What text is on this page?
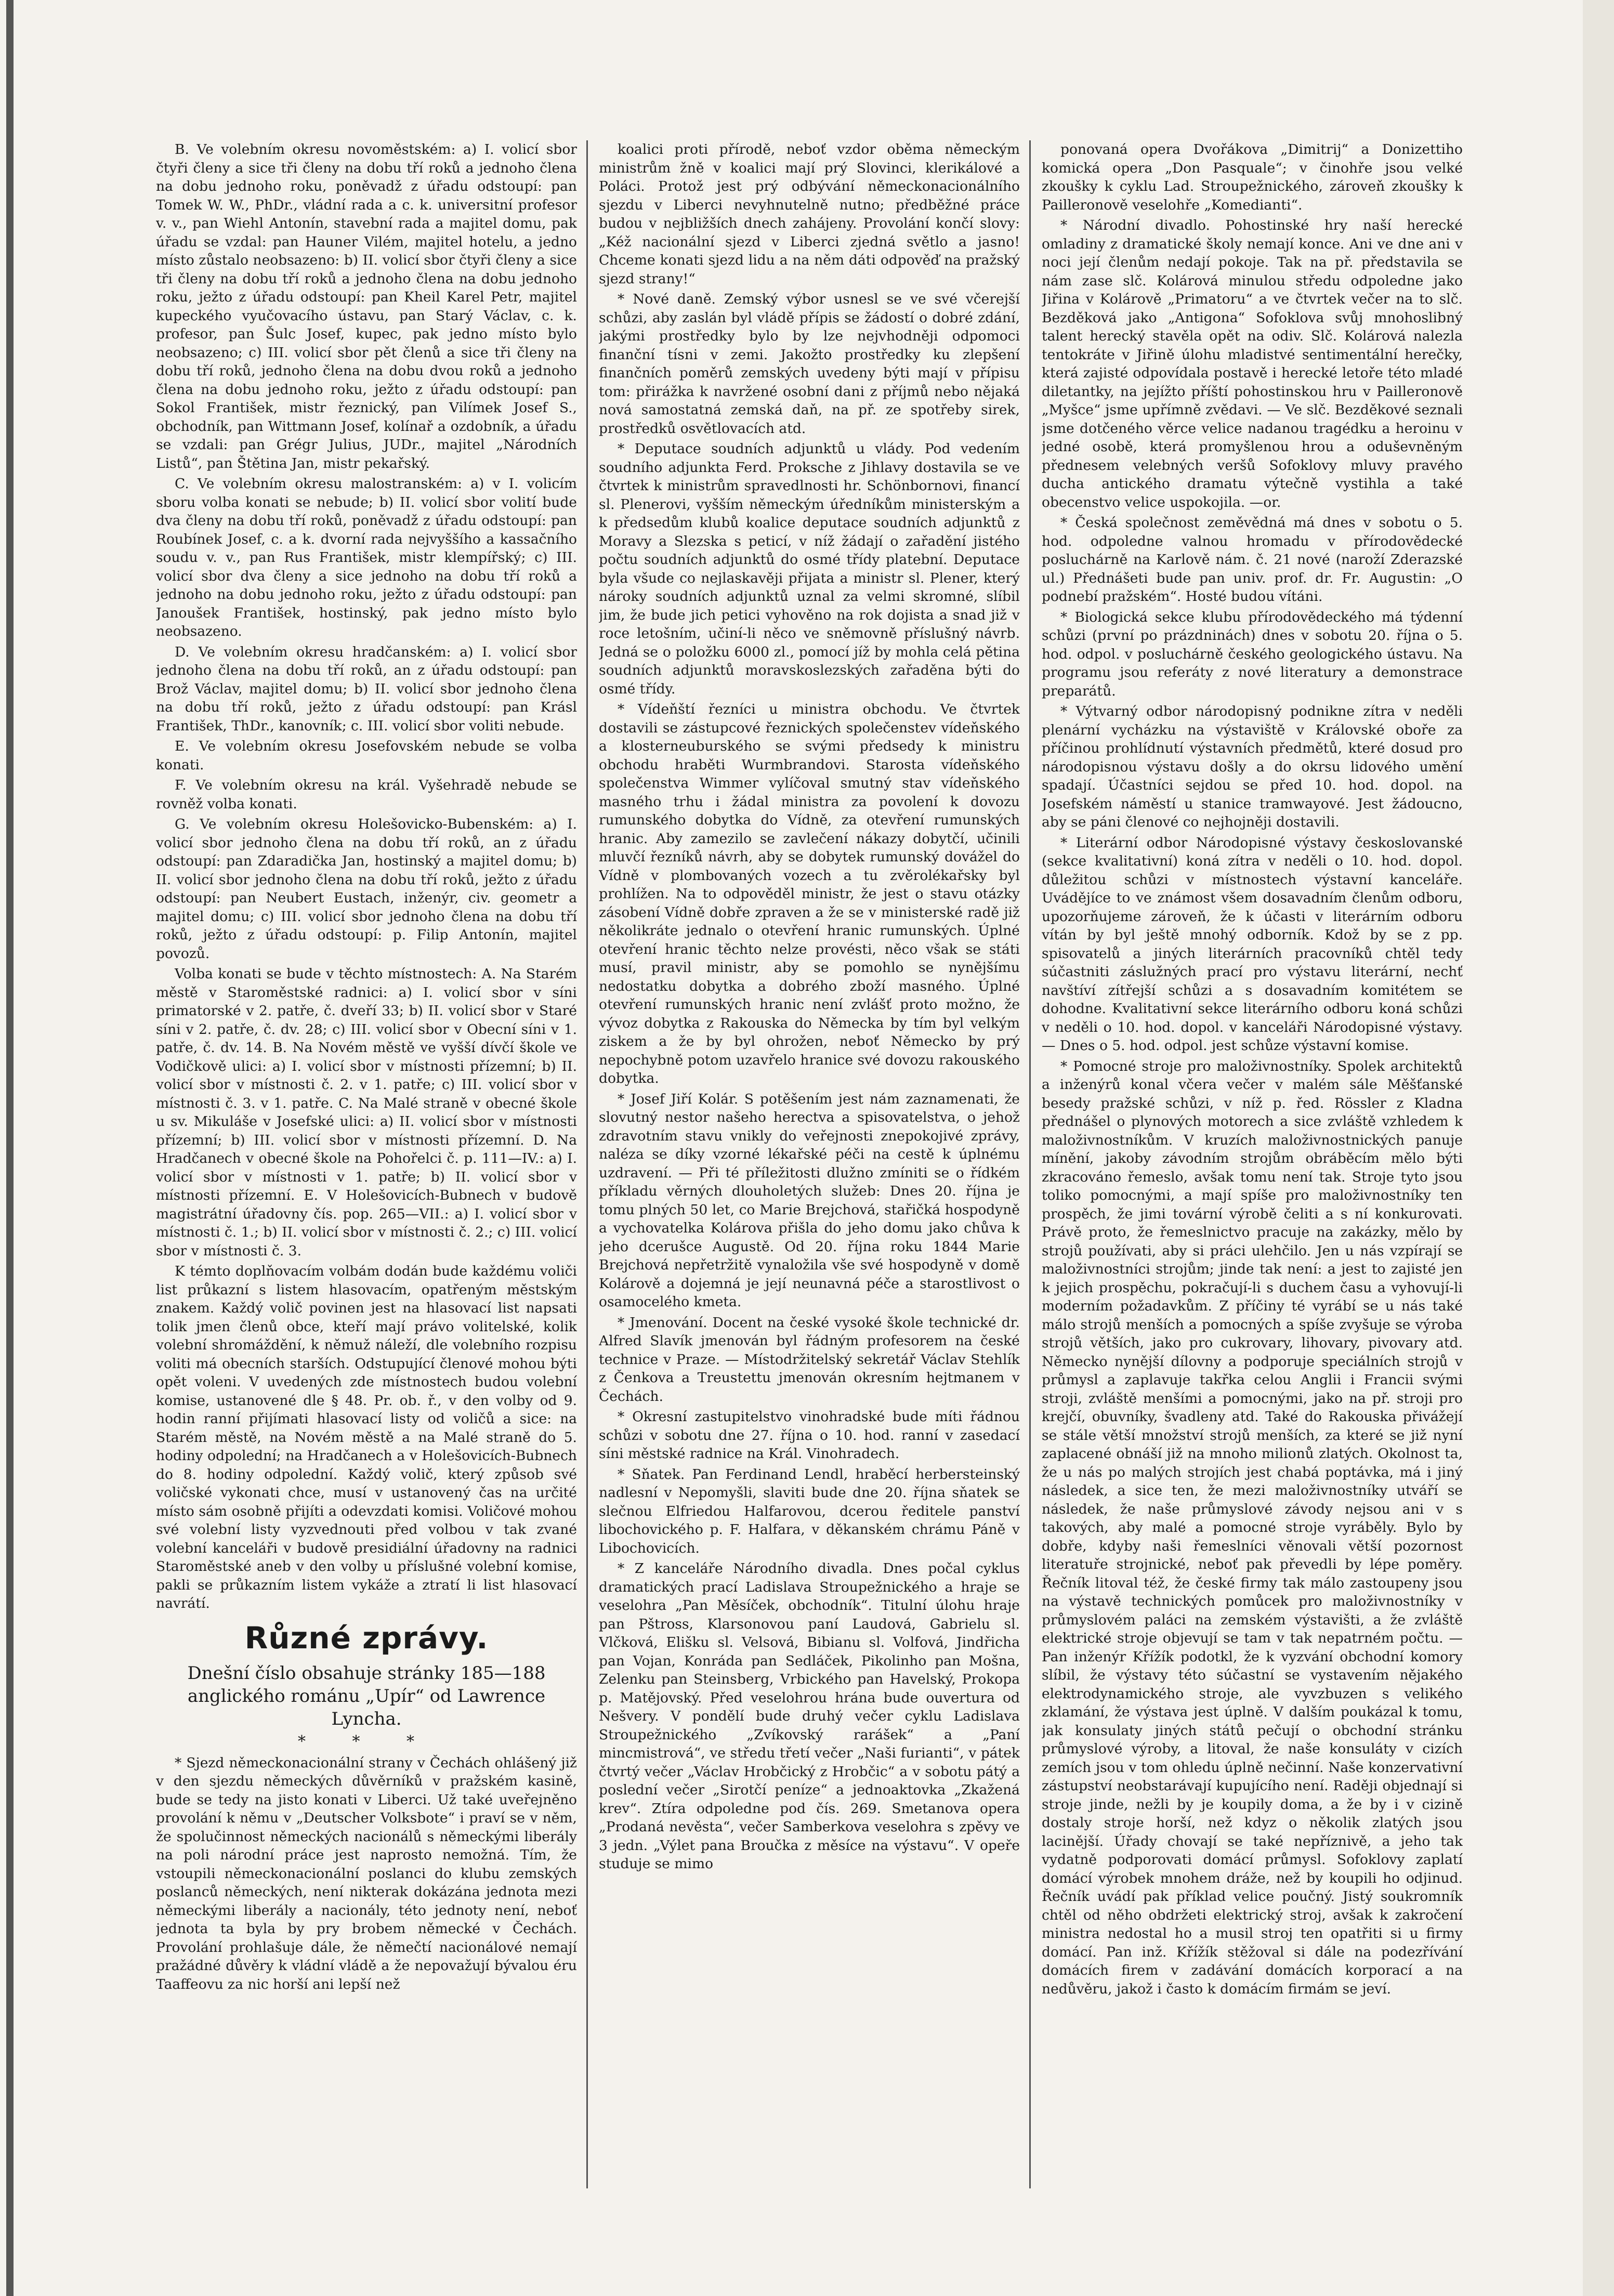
B. Ve volebním okresu novoměstském: a) I. volicí sbor čtyři členy a sice tři členy na dobu tří roků a jednoho člena na dobu jednoho roku, poněvadž z úřadu odstoupí: pan Tomek W. W., PhDr., vládní rada a c. k. universitní profesor v. v., pan Wiehl Antonín, stavební rada a majitel domu, pak úřadu se vzdal: pan Hauner Vilém, majitel hotelu, a jedno místo zůstalo neobsazeno: b) II. volicí sbor čtyři členy a sice tři členy na dobu tří roků a jednoho člena na dobu jednoho roku, ježto z úřadu odstoupí: pan Kheil Karel Petr, majitel kupeckého vyučovacího ústavu, pan Starý Václav, c. k. profesor, pan Šulc Josef, kupec, pak jedno místo bylo neobsazeno; c) III. volicí sbor pět členů a sice tři členy na dobu tří roků, jednoho člena na dobu dvou roků a jednoho člena na dobu jednoho roku, ježto z úřadu odstoupí: pan Sokol František, mistr řeznický, pan Vilímek Josef S., obchodník, pan Wittmann Josef, kolínař a ozdobník, a úřadu se vzdali: pan Grégr Julius, JUDr., majitel „Národních Listů“, pan Štětina Jan, mistr pekařský.

C. Ve volebním okresu malostranském: a) v I. volicím sboru volba konati se nebude; b) II. volicí sbor volití bude dva členy na dobu tří roků, poněvadž z úřadu odstoupí: pan Roubínek Josef, c. a k. dvorní rada nejvyššího a kassačního soudu v. v., pan Rus František, mistr klempířský; c) III. volicí sbor dva členy a sice jednoho na dobu tří roků a jednoho na dobu jednoho roku, ježto z úřadu odstoupí: pan Janoušek František, hostinský, pak jedno místo bylo neobsazeno.

D. Ve volebním okresu hradčanském: a) I. volicí sbor jednoho člena na dobu tří roků, an z úřadu odstoupí: pan Brož Václav, majitel domu; b) II. volicí sbor jednoho člena na dobu tří roků, ježto z úřadu odstoupí: pan Krásl František, ThDr., kanovník; c. III. volicí sbor voliti nebude.

E. Ve volebním okresu Josefovském nebude se volba konati.

F. Ve volebním okresu na král. Vyšehradě nebude se rovněž volba konati.

G. Ve volebním okresu Holešovicko-Bubenském: a) I. volicí sbor jednoho člena na dobu tří roků, an z úřadu odstoupí: pan Zdaradička Jan, hostinský a majitel domu; b) II. volicí sbor jednoho člena na dobu tří roků, ježto z úřadu odstoupí: pan Neubert Eustach, inženýr, civ. geometr a majitel domu; c) III. volicí sbor jednoho člena na dobu tří roků, ježto z úřadu odstoupí: p. Filip Antonín, majitel povozů.

Volba konati se bude v těchto místnostech: A. Na Starém městě v Staroměstské radnici: a) I. volicí sbor v síni primatorské v 2. patře, č. dveří 33; b) II. volicí sbor v Staré síni v 2. patře, č. dv. 28; c) III. volicí sbor v Obecní síni v 1. patře, č. dv. 14. B. Na Novém městě ve vyšší dívčí škole ve Vodičkově ulici: a) I. volicí sbor v místnosti přízemní; b) II. volicí sbor v místnosti č. 2. v 1. patře; c) III. volicí sbor v místnosti č. 3. v 1. patře. C. Na Malé straně v obecné škole u sv. Mikuláše v Josefské ulici: a) II. volicí sbor v místnosti přízemní; b) III. volicí sbor v místnosti přízemní. D. Na Hradčanech v obecné škole na Pohořelci č. p. 111—IV.: a) I. volicí sbor v místnosti v 1. patře; b) II. volicí sbor v místnosti přízemní. E. V Holešovicích-Bubnech v budově magistrátní úřadovny čís. pop. 265—VII.: a) I. volicí sbor v místnosti č. 1.; b) II. volicí sbor v místnosti č. 2.; c) III. volicí sbor v místnosti č. 3.

K témto doplňovacím volbám dodán bude každému voliči list průkazní s listem hlasovacím, opatřeným městským znakem. Každý volič povinen jest na hlasovací list napsati tolik jmen členů obce, kteří mají právo volitelské, kolik volební shromáždění, k němuž náleží, dle volebního rozpisu voliti má obecních starších. Odstupující členové mohou býti opět voleni. V uvedených zde místnostech budou volební komise, ustanovené dle § 48. Pr. ob. ř., v den volby od 9. hodin ranní přijímati hlasovací listy od voličů a sice: na Starém městě, na Novém městě a na Malé straně do 5. hodiny odpolední; na Hradčanech a v Holešovicích-Bubnech do 8. hodiny odpolední. Každý volič, který způsob své voličské vykonati chce, musí v ustanovený čas na určité místo sám osobně přijíti a odevzdati komisi. Voličové mohou své volební listy vyzvednouti před volbou v tak zvané volební kanceláři v budově presidiální úřadovny na radnici Staroměstské aneb v den volby u příslušné volební komise, pakli se průkazním listem vykáže a ztratí li list hlasovací navrátí.

Různé zprávy.
Dnešní číslo obsahuje stránky 185—188 anglického románu „Upír“ od Lawrence Lyncha.
* * *

* Sjezd německonacionální strany v Čechách ohlášený již v den sjezdu německých důvěrníků v pražském kasině, bude se tedy na jisto konati v Liberci. Už také uveřejněno provolání k němu v „Deutscher Volksbote“ i praví se v něm, že spolučinnost německých nacionálů s německými liberály na poli národní práce jest naprosto nemožná. Tím, že vstoupili německonacionální poslanci do klubu zemských poslanců německých, není nikterak dokázána jednota mezi německými liberály a nacionály, této jednoty není, neboť jednota ta byla by pry brobem německé v Čechách. Provolání prohlašuje dále, že němečtí nacionálové nemají pražádné důvěry k vládní vládě a že nepovažují bývalou éru Taaffeovu za nic horší ani lepší než

koalici proti přírodě, neboť vzdor oběma německým ministrům žně v koalici mají prý Slovinci, klerikálové a Poláci. Protož jest prý odbývání německonacionálního sjezdu v Liberci nevyhnutelně nutno; předběžné práce budou v nejbližších dnech zahájeny. Provolání končí slovy: „Kéž nacionální sjezd v Liberci zjedná světlo a jasno! Chceme konati sjezd lidu a na něm dáti odpověď na pražský sjezd strany!“

* Nové daně. Zemský výbor usnesl se ve své včerejší schůzi, aby zaslán byl vládě přípis se žádostí o dobré zdání, jakými prostředky bylo by lze nejvhodněji odpomoci finanční tísni v zemi. Jakožto prostředky ku zlepšení finančních poměrů zemských uvedeny býti mají v přípisu tom: přirážka k navržené osobní dani z příjmů nebo nějaká nová samostatná zemská daň, na př. ze spotřeby sirek, prostředků osvětlovacích atd.

* Deputace soudních adjunktů u vlády. Pod vedením soudního adjunkta Ferd. Proksche z Jihlavy dostavila se ve čtvrtek k ministrům spravedlnosti hr. Schönbornovi, financí sl. Plenerovi, vyšším německým úředníkům ministerským a k předsedům klubů koalice deputace soudních adjunktů z Moravy a Slezska s peticí, v níž žádají o zařadění jistého počtu soudních adjunktů do osmé třídy platební. Deputace byla všude co nejlaskavěji přijata a ministr sl. Plener, který nároky soudních adjunktů uznal za velmi skromné, slíbil jim, že bude jich petici vyhověno na rok dojista a snad již v roce letošním, učiní-li něco ve sněmovně příslušný návrb. Jedná se o položku 6000 zl., pomocí jíž by mohla celá pětina soudních adjunktů moravskoslezských zařaděna býti do osmé třídy.

* Vídeňští řezníci u ministra obchodu. Ve čtvrtek dostavili se zástupcové řeznických společenstev vídeňského a klosterneuburského se svými předsedy k ministru obchodu hraběti Wurmbrandovi. Starosta vídeňského společenstva Wimmer vylíčoval smutný stav vídeňského masného trhu i žádal ministra za povolení k dovozu rumunského dobytka do Vídně, za otevření rumunských hranic. Aby zamezilo se zavlečení nákazy dobytčí, učinili mluvčí řezníků návrh, aby se dobytek rumunský dovážel do Vídně v plombovaných vozech a tu zvěrolékařsky byl prohlížen. Na to odpověděl ministr, že jest o stavu otázky zásobení Vídně dobře zpraven a že se v ministerské radě již několikráte jednalo o otevření hranic rumunských. Úplné otevření hranic těchto nelze provésti, něco však se státi musí, pravil ministr, aby se pomohlo se nynějšímu nedostatku dobytka a dobrého zboží masného. Úplné otevření rumunských hranic není zvlášť proto možno, že vývoz dobytka z Rakouska do Německa by tím byl velkým ziskem a že by byl ohrožen, neboť Německo by prý nepochybně potom uzavřelo hranice své dovozu rakouského dobytka.

* Josef Jiří Kolár. S potěšením jest nám zaznamenati, že slovutný nestor našeho herectva a spisovatelstva, o jehož zdravotním stavu vnikly do veřejnosti znepokojivé zprávy, naléza se díky vzorné lékařské péči na cestě k úplnému uzdravení. — Při té příležitosti dlužno zmíniti se o řídkém příkladu věrných dlouholetých služeb: Dnes 20. října je tomu plných 50 let, co Marie Brejchová, stařičká hospodyně a vychovatelka Kolárova přišla do jeho domu jako chůva k jeho dcerušce Augustě. Od 20. října roku 1844 Marie Brejchová nepřetržitě vynaložila vše své hospodyně v domě Kolárově a dojemná je její neunavná péče a starostlivost o osamocelého kmeta.

* Jmenování. Docent na české vysoké škole technické dr. Alfred Slavík jmenován byl řádným profesorem na české technice v Praze. — Místodržitelský sekretář Václav Stehlík z Čenkova a Treustettu jmenován okresním hejtmanem v Čechách.

* Okresní zastupitelstvo vinohradské bude míti řádnou schůzi v sobotu dne 27. října o 10. hod. ranní v zasedací síni městské radnice na Král. Vinohradech.

* Sňatek. Pan Ferdinand Lendl, hraběcí herbersteinský nadlesní v Nepomyšli, slaviti bude dne 20. října sňatek se slečnou Elfriedou Halfarovou, dcerou ředitele panství libochovického p. F. Halfara, v děkanském chrámu Páně v Libochovicích.

* Z kanceláře Národního divadla. Dnes počal cyklus dramatických prací Ladislava Stroupežnického a hraje se veselohra „Pan Měsíček, obchodník“. Titulní úlohu hraje pan Pštross, Klarsonovou paní Laudová, Gabrielu sl. Vlčková, Elišku sl. Velsová, Bibianu sl. Volfová, Jindřicha pan Vojan, Konráda pan Sedláček, Pikolinho pan Mošna, Zelenku pan Steinsberg, Vrbického pan Havelský, Prokopa p. Matějovský. Před veselohrou hrána bude ouvertura od Nešvery. V pondělí bude druhý večer cyklu Ladislava Stroupežnického „Zvíkovský rarášek“ a „Paní mincmistrová“, ve středu třetí večer „Naši furianti“, v pátek čtvrtý večer „Václav Hrobčický z Hrobčic“ a v sobotu pátý a poslední večer „Sirotčí peníze“ a jednoaktovka „Zkažená krev“. Ztíra odpoledne pod čís. 269. Smetanova opera „Prodaná nevěsta“, večer Samberkova veselohra s zpěvy ve 3 jedn. „Výlet pana Broučka z měsíce na výstavu“. V opeře studuje se mimo

ponovaná opera Dvořákova „Dimitrij“ a Donizettiho komická opera „Don Pasquale“; v činohře jsou velké zkoušky k cyklu Lad. Stroupežnického, zároveň zkoušky k Pailleronově veselohře „Komedianti“.

* Národní divadlo. Pohostinské hry naší herecké omladiny z dramatické školy nemají konce. Ani ve dne ani v noci její členům nedají pokoje. Tak na př. představila se nám zase slč. Kolárová minulou středu odpoledne jako Jiřina v Kolárově „Primatoru“ a ve čtvrtek večer na to slč. Bezděková jako „Antigona“ Sofoklova svůj mnohoslibný talent herecký stavěla opět na odiv. Slč. Kolárová nalezla tentokráte v Jiřině úlohu mladistvé sentimentální herečky, která zajisté odpovídala postavě i herecké letoře této mladé diletantky, na jejížto příští pohostinskou hru v Pailleronově „Myšce“ jsme upřímně zvědavi. — Ve slč. Bezděkové seznali jsme dotčeného věrce velice nadanou tragédku a heroinu v jedné osobě, která promyšlenou hrou a oduševněným přednesem velebných veršů Sofoklovy mluvy pravého ducha antického dramatu výtečně vystihla a také obecenstvo velice uspokojila. —or.

* Česká společnost zeměvědná má dnes v sobotu o 5. hod. odpoledne valnou hromadu v přírodovědecké posluchárně na Karlově nám. č. 21 nové (naroží Zderazské ul.) Přednášeti bude pan univ. prof. dr. Fr. Augustin: „O podnebí pražském“. Hosté budou vítáni.

* Biologická sekce klubu přírodovědeckého má týdenní schůzi (první po prázdninách) dnes v sobotu 20. října o 5. hod. odpol. v posluchárně českého geologického ústavu. Na programu jsou referáty z nové literatury a demonstrace preparátů.

* Výtvarný odbor národopisný podnikne zítra v neděli plenární vycházku na výstaviště v Královské oboře za příčinou prohlídnutí výstavních předmětů, které dosud pro národopisnou výstavu došly a do okrsu lidového umění spadají. Účastníci sejdou se před 10. hod. dopol. na Josefském náměstí u stanice tramwayové. Jest žádoucno, aby se páni členové co nejhojněji dostavili.

* Literární odbor Národopisné výstavy českoslovanské (sekce kvalitativní) koná zítra v neděli o 10. hod. dopol. důležitou schůzi v místnostech výstavní kanceláře. Uvádějíce to ve známost všem dosavadním členům odboru, upozorňujeme zároveň, že k účasti v literárním odboru vítán by byl ještě mnohý odborník. Kdož by se z pp. spisovatelů a jiných literárních pracovníků chtěl tedy súčastniti záslužných prací pro výstavu literární, nechť navštíví zítřejší schůzi a s dosavadním komitétem se dohodne. Kvalitativní sekce literárního odboru koná schůzi v neděli o 10. hod. dopol. v kanceláři Národopisné výstavy. — Dnes o 5. hod. odpol. jest schůze výstavní komise.

* Pomocné stroje pro maloživnostníky. Spolek architektů a inženýrů konal včera večer v malém sále Měšťanské besedy pražské schůzi, v níž p. řed. Rössler z Kladna přednášel o plynových motorech a sice zvláště vzhledem k maloživnostníkům. V kruzích maloživnostnických panuje mínění, jakoby závodním strojům obráběcím mělo býti zkracováno řemeslo, avšak tomu není tak. Stroje tyto jsou toliko pomocnými, a mají spíše pro maloživnostníky ten prospěch, že jimi tovární výrobě čeliti a s ní konkurovati. Právě proto, že řemeslnictvo pracuje na zakázky, mělo by strojů používati, aby si práci ulehčilo. Jen u nás vzpírají se maloživnostníci strojům; jinde tak není: a jest to zajisté jen k jejich prospěchu, pokračují-li s duchem času a vyhovují-li moderním požadavkům. Z příčiny té vyrábí se u nás také málo strojů menších a pomocných a spíše zvyšuje se výroba strojů větších, jako pro cukrovary, lihovary, pivovary atd. Německo nynější dílovny a podporuje speciálních strojů v průmysl a zaplavuje takřka celou Anglii i Francii svými stroji, zvláště menšími a pomocnými, jako na př. stroji pro krejčí, obuvníky, švadleny atd. Také do Rakouska přivážejí se stále větší množství strojů menších, za které se již nyní zaplacené obnáší již na mnoho milionů zlatých. Okolnost ta, že u nás po malých strojích jest chabá poptávka, má i jiný následek, a sice ten, že mezi maloživnostníky utváří se následek, že naše průmyslové závody nejsou ani v s takových, aby malé a pomocné stroje vyráběly. Bylo by dobře, kdyby naši řemeslníci věnovali větší pozornost literatuře strojnické, neboť pak převedli by lépe poměry. Řečník litoval též, že české firmy tak málo zastoupeny jsou na výstavě technických pomůcek pro maloživnostníky v průmyslovém paláci na zemském výstavišti, a že zvláště elektrické stroje objevují se tam v tak nepatrném počtu. — Pan inženýr Křížík podotkl, že k vyzvání obchodní komory slíbil, že výstavy této súčastní se vystavením nějakého elektrodynamického stroje, ale vyvzbuzen s velikého zklamání, že výstava jest úplně. V dalším poukázal k tomu, jak konsulaty jiných států pečují o obchodní stránku průmyslové výroby, a litoval, že naše konsuláty v cizích zemích jsou v tom ohledu úplně nečinní. Naše konzervativní zástupství neobstarávají kupujícího není. Raději objednají si stroje jinde, nežli by je koupily doma, a že by i v cizině dostaly stroje horší, než kdyz o několik zlatých jsou lacinější. Úřady chovají se také nepříznivě, a jeho tak vydatně podporovati domácí průmysl. Sofoklovy zaplatí domácí výrobek mnohem dráže, než by koupili ho odjinud. Řečník uvádí pak příklad velice poučný. Jistý soukromník chtěl od něho obdržeti elektrický stroj, avšak k zakročení ministra nedostal ho a musil stroj ten opatřiti si u firmy domácí. Pan inž. Křížík stěžoval si dále na podezřívání domácích firem v zadávání domácích korporací a na nedůvěru, jakož i často k domácím firmám se jeví.
